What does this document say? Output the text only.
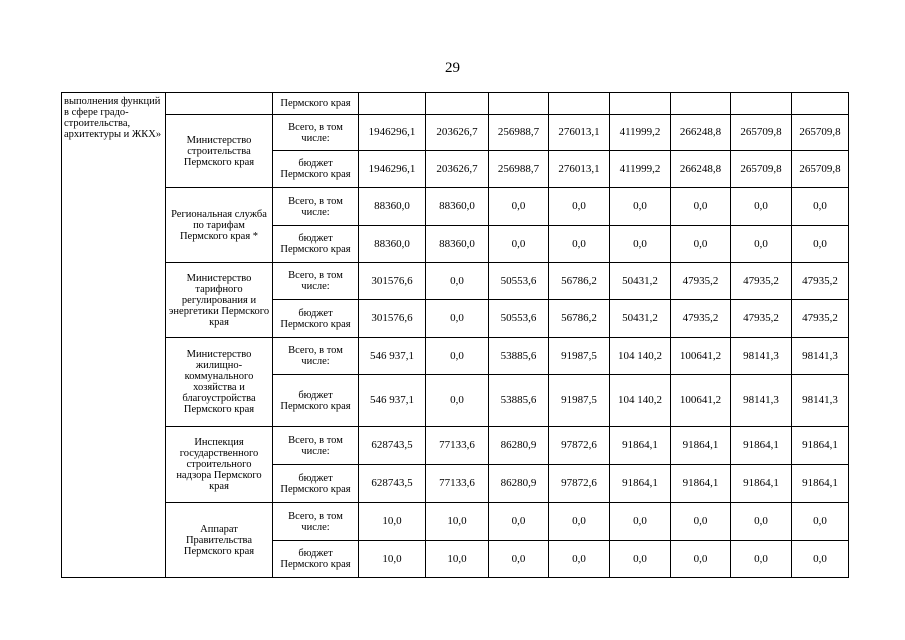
29
выполнения функций в сфере градо- строительства, архитектуры и ЖКХ»		Пермского края								
	Министерство строительства Пермского края	Всего, в том числе:	1946296,1	203626,7	256988,7	276013,1	411999,2	266248,8	265709,8	265709,8
		бюджет Пермского края	1946296,1	203626,7	256988,7	276013,1	411999,2	266248,8	265709,8	265709,8
	Региональная служба по тарифам Пермского края *	Всего, в том числе:	88360,0	88360,0	0,0	0,0	0,0	0,0	0,0	0,0
		бюджет Пермского края	88360,0	88360,0	0,0	0,0	0,0	0,0	0,0	0,0
	Министерство тарифного регулирования и энергетики Пермского края	Всего, в том числе:	301576,6	0,0	50553,6	56786,2	50431,2	47935,2	47935,2	47935,2
		бюджет Пермского края	301576,6	0,0	50553,6	56786,2	50431,2	47935,2	47935,2	47935,2
	Министерство жилищно-коммунального хозяйства и благоустройства Пермского края	Всего, в том числе:	546 937,1	0,0	53885,6	91987,5	104 140,2	100641,2	98141,3	98141,3
		бюджет Пермского края	546 937,1	0,0	53885,6	91987,5	104 140,2	100641,2	98141,3	98141,3
	Инспекция государственного строительного надзора Пермского края	Всего, в том числе:	628743,5	77133,6	86280,9	97872,6	91864,1	91864,1	91864,1	91864,1
		бюджет Пермского края	628743,5	77133,6	86280,9	97872,6	91864,1	91864,1	91864,1	91864,1
	Аппарат Правительства Пермского края	Всего, в том числе:	10,0	10,0	0,0	0,0	0,0	0,0	0,0	0,0
		бюджет Пермского края	10,0	10,0	0,0	0,0	0,0	0,0	0,0	0,0
